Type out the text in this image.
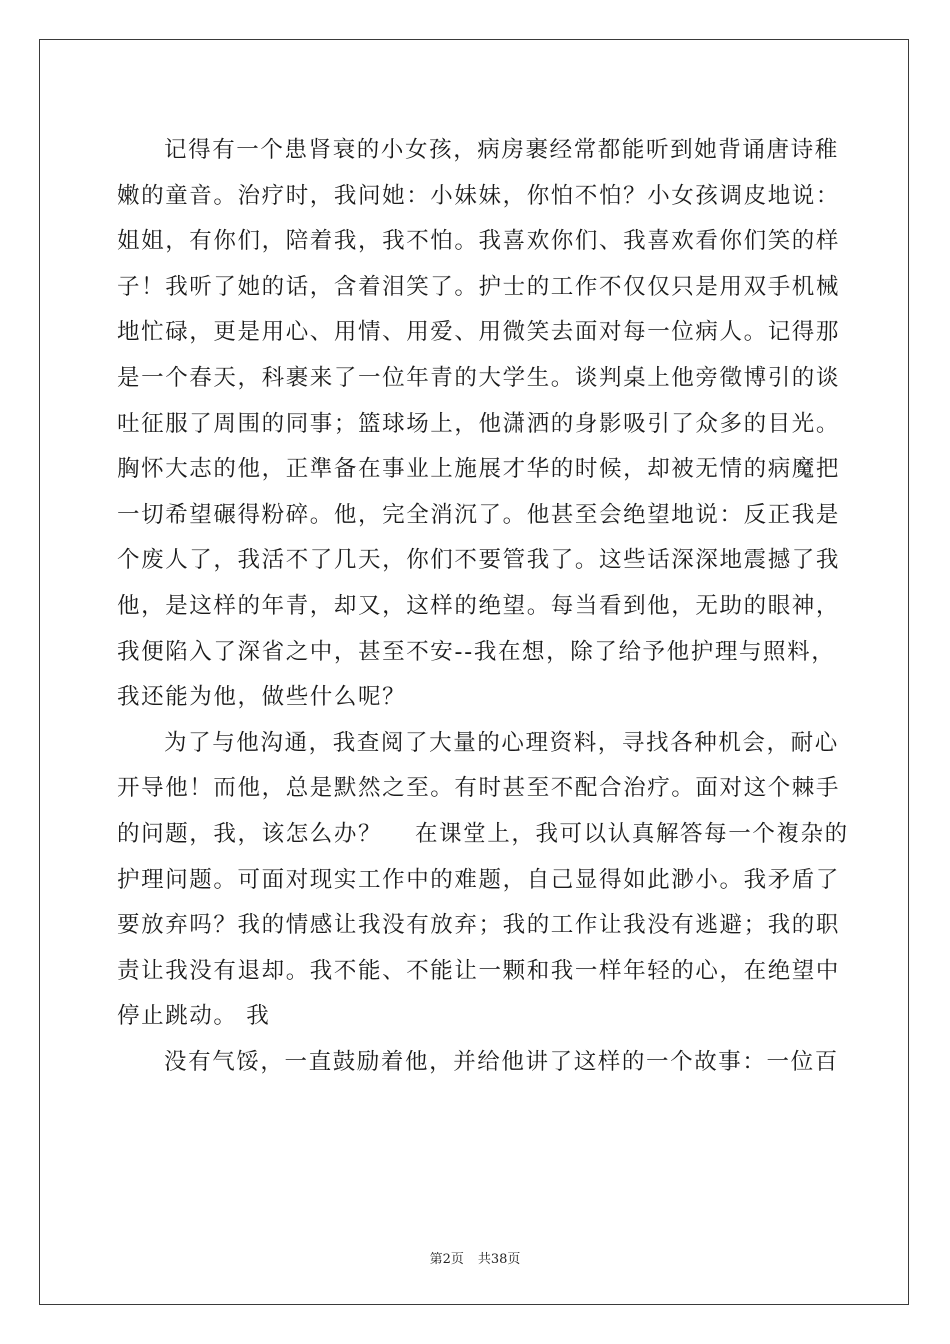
记得有一个患肾衰的小女孩，病房裹经常都能听到她背诵唐诗稚
嫩的童音。治疗时，我问她：小妹妹，你怕不怕？小女孩调皮地说：
姐姐，有你们，陪着我，我不怕。我喜欢你们、我喜欢看你们笑的样
子！我听了她的话，含着泪笑了。护士的工作不仅仅只是用双手机械
地忙碌，更是用心、用情、用爱、用微笑去面对每一位病人。记得那
是一个春天，科裹来了一位年青的大学生。谈判桌上他旁徵博引的谈
吐征服了周围的同事；篮球场上，他潇洒的身影吸引了众多的目光。
胸怀大志的他，正準备在事业上施展才华的时候，却被无情的病魔把
一切希望碾得粉碎。他，完全消沉了。他甚至会绝望地说：反正我是
个废人了，我活不了几天，你们不要管我了。这些话深深地震撼了我
他，是这样的年青，却又，这样的绝望。每当看到他，无助的眼神，
我便陷入了深省之中，甚至不安--我在想，除了给予他护理与照料，
我还能为他，做些什么呢？
为了与他沟通，我查阅了大量的心理资料，寻找各种机会，耐心
开导他！而他，总是默然之至。有时甚至不配合治疗。面对这个棘手
的问题，我，该怎么办？　 在课堂上，我可以认真解答每一个複杂的
护理问题。可面对现实工作中的难题，自己显得如此渺小。我矛盾了
要放弃吗？我的情感让我没有放弃；我的工作让我没有逃避；我的职
责让我没有退却。我不能、不能让一颗和我一样年轻的心，在绝望中
停止跳动。 我
没有气馁，一直鼓励着他，并给他讲了这样的一个故事：一位百
第2页 共38页
